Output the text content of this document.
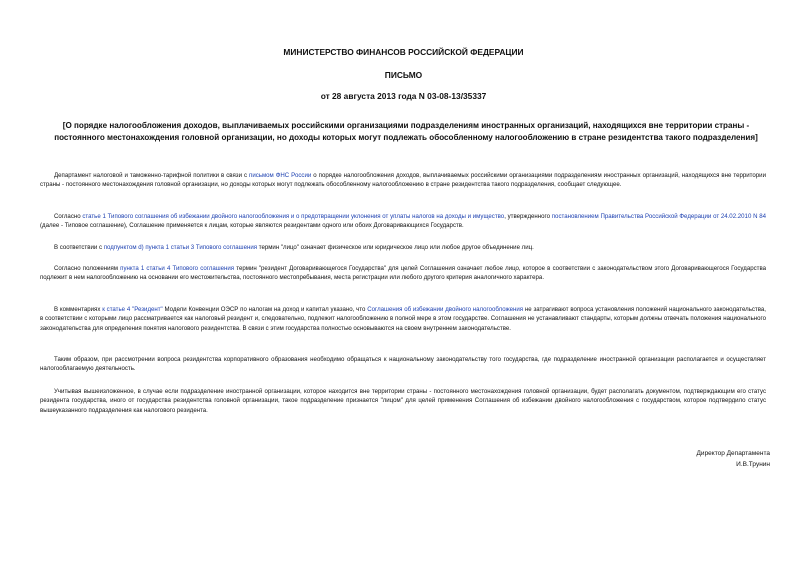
МИНИСТЕРСТВО ФИНАНСОВ РОССИЙСКОЙ ФЕДЕРАЦИИ
ПИСЬМО
от 28 августа 2013 года N 03-08-13/35337
[О порядке налогообложения доходов, выплачиваемых российскими организациями подразделениям иностранных организаций, находящихся вне территории страны - постоянного местонахождения головной организации, но доходы которых могут подлежать обособленному налогообложению в стране резидентства такого подразделения]

Департамент налоговой и таможенно-тарифной политики в связи с письмом ФНС России о порядке налогообложения доходов, выплачиваемых российскими организациями подразделениям иностранных организаций, находящихся вне территории страны - постоянного местонахождения головной организации, но доходы которых могут подлежать обособленному налогообложению в стране резидентства такого подразделения, сообщает следующее.

Согласно статье 1 Типового соглашения об избежании двойного налогообложения и о предотвращении уклонения от уплаты налогов на доходы и имущество, утвержденного постановлением Правительства Российской Федерации от 24.02.2010 N 84 (далее - Типовое соглашение), Соглашение применяется к лицам, которые являются резидентами одного или обоих Договаривающихся Государств.

В соответствии с подпунктом d) пункта 1 статьи 3 Типового соглашения термин "лицо" означает физическое или юридическое лицо или любое другое объединение лиц.

Согласно положениям пункта 1 статьи 4 Типового соглашения термин "резидент Договаривающегося Государства" для целей Соглашения означает любое лицо, которое в соответствии с законодательством этого Договаривающегося Государства подлежит в нем налогообложению на основании его местожительства, постоянного местопребывания, места регистрации или любого другого критерия аналогичного характера.

В комментариях к статье 4 "Резидент" Модели Конвенции ОЭСР по налогам на доход и капитал указано, что Соглашения об избежании двойного налогообложения не затрагивают вопроса установления положений национального законодательства, в соответствии с которыми лицо рассматривается как налоговый резидент и, следовательно, подлежит налогообложению в полной мере в этом государстве. Соглашения не устанавливают стандарты, которым должны отвечать положения национального законодательства для определения понятия налогового резидентства. В связи с этим государства полностью основываются на своем внутреннем законодательстве.

Таким образом, при рассмотрении вопроса резидентства корпоративного образования необходимо обращаться к национальному законодательству того государства, где подразделение иностранной организации располагается и осуществляет налогооблагаемую деятельность.

Учитывая вышеизложенное, в случае если подразделение иностранной организации, которое находится вне территории страны - постоянного местонахождения головной организации, будет располагать документом, подтверждающим его статус резидента государства, иного от государства резидентства головной организации, такое подразделение признается "лицом" для целей применения Соглашения об избежании двойного налогообложения с государством, которое подтвердило статус вышеуказанного подразделения как налогового резидента.

Директор Департамента
И.В.Трунин
